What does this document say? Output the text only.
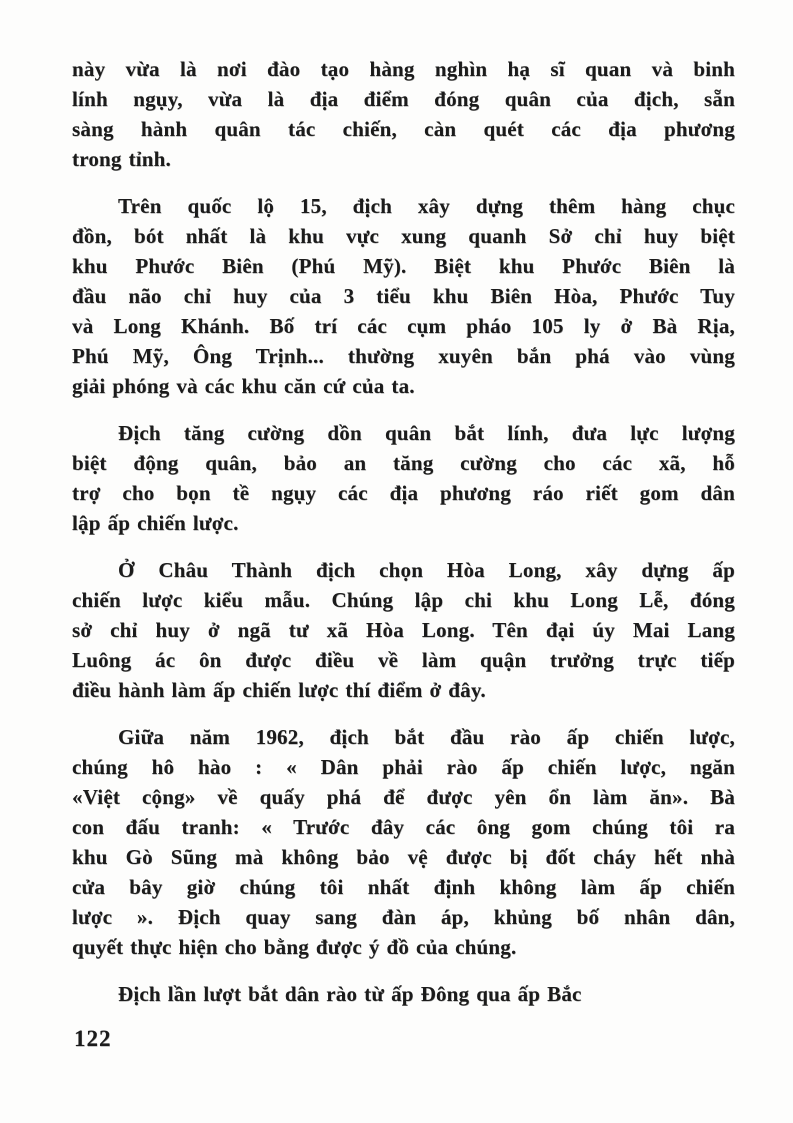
này vừa là nơi đào tạo hàng nghìn hạ sĩ quan và binh
lính ngụy, vừa là địa điểm đóng quân của địch, sẵn
sàng hành quân tác chiến, càn quét các địa phương
trong tỉnh.
Trên quốc lộ 15, địch xây dựng thêm hàng chục
đồn, bót nhất là khu vực xung quanh Sở chỉ huy biệt
khu Phước Biên (Phú Mỹ). Biệt khu Phước Biên là
đầu não chỉ huy của 3 tiểu khu Biên Hòa, Phước Tuy
và Long Khánh. Bố trí các cụm pháo 105 ly ở Bà Rịa,
Phú Mỹ, Ông Trịnh... thường xuyên bắn phá vào vùng
giải phóng và các khu căn cứ của ta.
Địch tăng cường dồn quân bắt lính, đưa lực lượng
biệt động quân, bảo an tăng cường cho các xã, hỗ
trợ cho bọn tề ngụy các địa phương ráo riết gom dân
lập ấp chiến lược.
Ở Châu Thành địch chọn Hòa Long, xây dựng ấp
chiến lược kiểu mẫu. Chúng lập chi khu Long Lễ, đóng
sở chỉ huy ở ngã tư xã Hòa Long. Tên đại úy Mai Lang
Luông ác ôn được điều về làm quận trưởng trực tiếp
điều hành làm ấp chiến lược thí điểm ở đây.
Giữa năm 1962, địch bắt đầu rào ấp chiến lược,
chúng hô hào : « Dân phải rào ấp chiến lược, ngăn
«Việt cộng» về quấy phá để được yên ổn làm ăn». Bà
con đấu tranh: « Trước đây các ông gom chúng tôi ra
khu Gò Sũng mà không bảo vệ được bị đốt cháy hết nhà
cửa bây giờ chúng tôi nhất định không làm ấp chiến
lược ». Địch quay sang đàn áp, khủng bố nhân dân,
quyết thực hiện cho bằng được ý đồ của chúng.
Địch lần lượt bắt dân rào từ ấp Đông qua ấp Bắc
122
